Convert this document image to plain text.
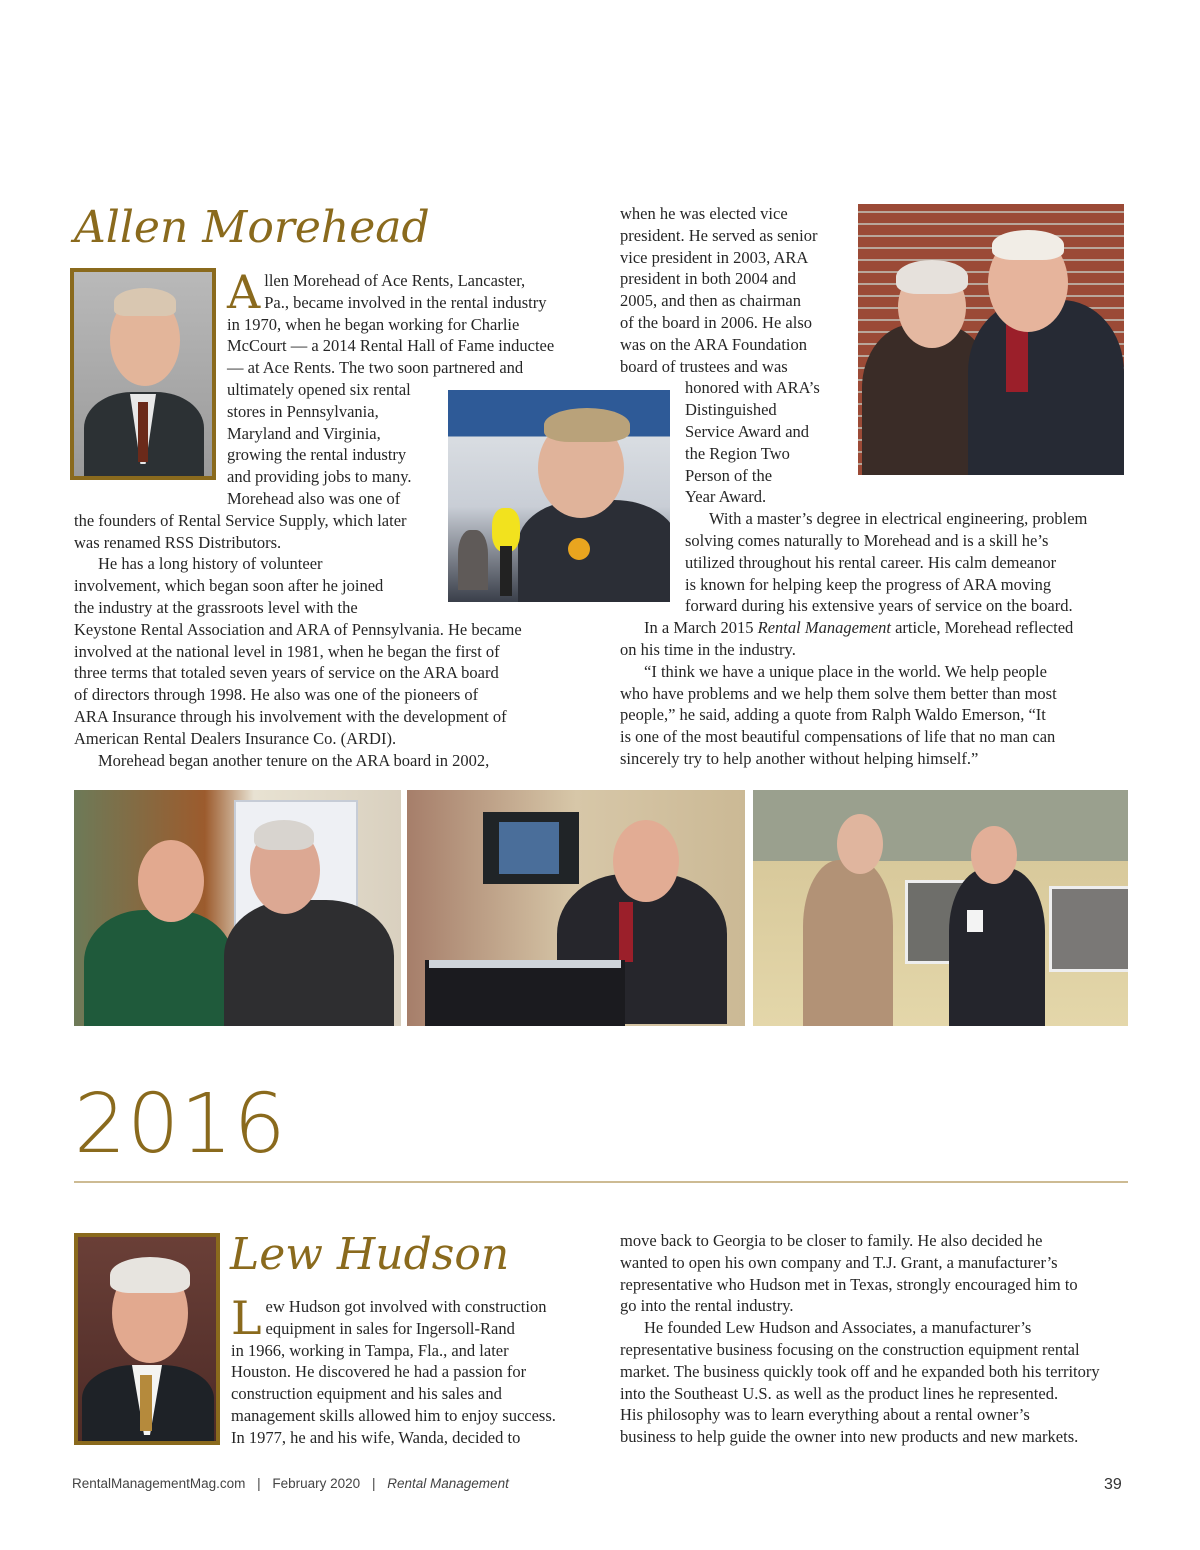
Allen Morehead
A llen Morehead of Ace Rents, Lancaster,
Pa., became involved in the rental industry
in 1970, when he began working for Charlie
McCourt — a 2014 Rental Hall of Fame inductee
— at Ace Rents. The two soon partnered and
ultimately opened six rental
stores in Pennsylvania,
Maryland and Virginia,
growing the rental industry
and providing jobs to many.
Morehead also was one of
the founders of Rental Service Supply, which later
was renamed RSS Distributors.
He has a long history of volunteer
involvement, which began soon after he joined
the industry at the grassroots level with the
Keystone Rental Association and ARA of Pennsylvania. He became
involved at the national level in 1981, when he began the first of
three terms that totaled seven years of service on the ARA board
of directors through 1998. He also was one of the pioneers of
ARA Insurance through his involvement with the development of
American Rental Dealers Insurance Co. (ARDI).
Morehead began another tenure on the ARA board in 2002,
when he was elected vice
president. He served as senior
vice president in 2003, ARA
president in both 2004 and
2005, and then as chairman
of the board in 2006. He also
was on the ARA Foundation
board of trustees and was
honored with ARA’s
Distinguished
Service Award and
the Region Two
Person of the
Year Award.
With a master’s degree in electrical engineering, problem
solving comes naturally to Morehead and is a skill he’s
utilized throughout his rental career. His calm demeanor
is known for helping keep the progress of ARA moving
forward during his extensive years of service on the board.
In a March 2015 Rental Management article, Morehead reflected
on his time in the industry.
“I think we have a unique place in the world. We help people
who have problems and we help them solve them better than most
people,” he said, adding a quote from Ralph Waldo Emerson, “It
is one of the most beautiful compensations of life that no man can
sincerely try to help another without helping himself.”
2016
Lew Hudson
L ew Hudson got involved with construction
equipment in sales for Ingersoll-Rand
in 1966, working in Tampa, Fla., and later
Houston. He discovered he had a passion for
construction equipment and his sales and
management skills allowed him to enjoy success.
In 1977, he and his wife, Wanda, decided to
move back to Georgia to be closer to family. He also decided he
wanted to open his own company and T.J. Grant, a manufacturer’s
representative who Hudson met in Texas, strongly encouraged him to
go into the rental industry.
He founded Lew Hudson and Associates, a manufacturer’s
representative business focusing on the construction equipment rental
market. The business quickly took off and he expanded both his territory
into the Southeast U.S. as well as the product lines he represented.
His philosophy was to learn everything about a rental owner’s
business to help guide the owner into new products and new markets.
RentalManagementMag.com | February 2020 | Rental Management	39
